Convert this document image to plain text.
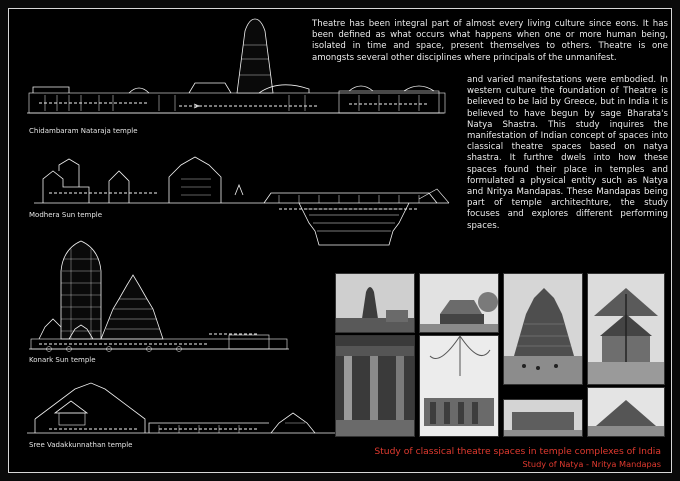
Chidambaram Nataraja temple
Modhera Sun temple
Konark Sun temple
Sree Vadakkunnathan temple
Theatre has been integral part of almost every living culture since eons. It has been defined as what occurs what happens when one or more human being, isolated in time and space, present themselves to others. Theatre is one amongsts several other disciplines where principals of the unmanifest.
and varied manifestations were embodied. In western culture the foundation of Theatre is believed to be laid by Greece, but in India it is believed to have begun by sage Bharata's Natya Shastra. This study inquires the manifestation of Indian concept of spaces into classical theatre spaces based on natya shastra. It furthre dwels into how these spaces found their place in temples and formulated a physical entity such as Natya and Nritya Mandapas. These Mandapas being part of temple architechture, the study focuses and explores different performing spaces.
Study of classical theatre spaces in temple complexes of India
Study of Natya - Nritya Mandapas
